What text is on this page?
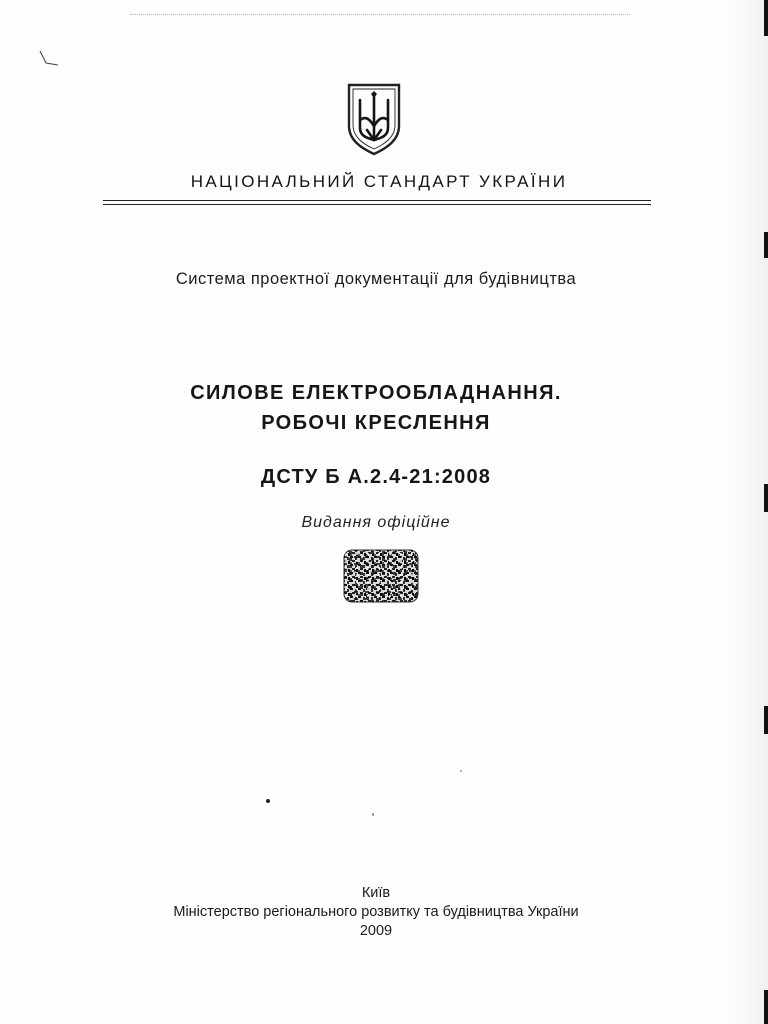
НАЦІОНАЛЬНИЙ СТАНДАРТ УКРАЇНИ
Система проектної документації для будівництва
СИЛОВЕ ЕЛЕКТРООБЛАДНАННЯ.
РОБОЧІ КРЕСЛЕННЯ
ДСТУ Б А.2.4-21:2008
Видання офіційне
Київ
Міністерство регіонального розвитку та будівництва України
2009
